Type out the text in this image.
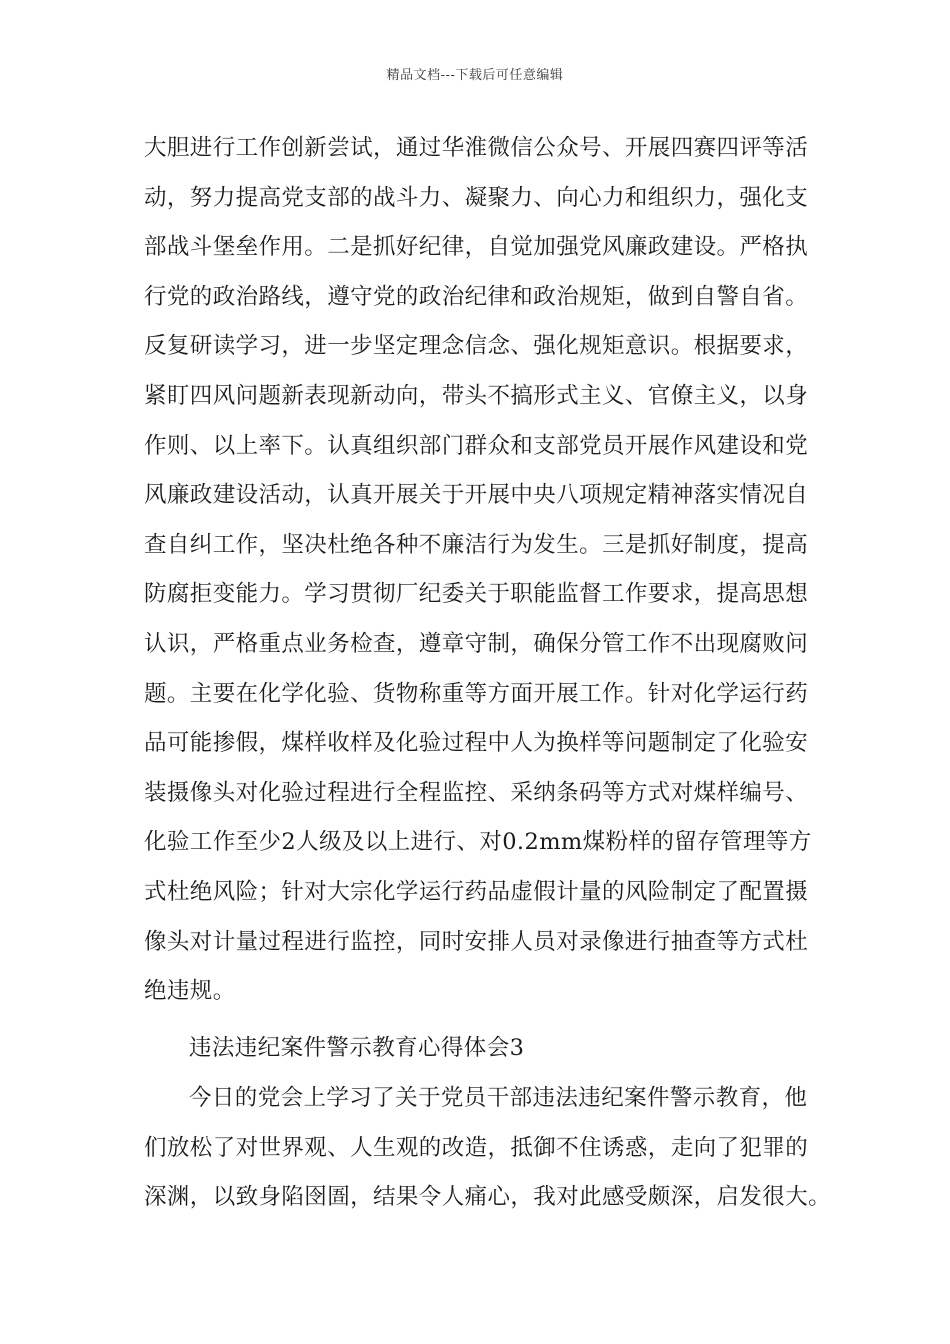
精品文档---下载后可任意编辑
大胆进行工作创新尝试，通过华淮微信公众号、开展四赛四评等活
动，努力提高党支部的战斗力、凝聚力、向心力和组织力，强化支
部战斗堡垒作用。二是抓好纪律，自觉加强党风廉政建设。严格执
行党的政治路线，遵守党的政治纪律和政治规矩，做到自警自省。
反复研读学习，进一步坚定理念信念、强化规矩意识。根据要求，
紧盯四风问题新表现新动向，带头不搞形式主义、官僚主义，以身
作则、以上率下。认真组织部门群众和支部党员开展作风建设和党
风廉政建设活动，认真开展关于开展中央八项规定精神落实情况自
查自纠工作，坚决杜绝各种不廉洁行为发生。三是抓好制度，提高
防腐拒变能力。学习贯彻厂纪委关于职能监督工作要求，提高思想
认识，严格重点业务检查，遵章守制，确保分管工作不出现腐败问
题。主要在化学化验、货物称重等方面开展工作。针对化学运行药
品可能掺假，煤样收样及化验过程中人为换样等问题制定了化验安
装摄像头对化验过程进行全程监控、采纳条码等方式对煤样编号、
化验工作至少2人级及以上进行、对0.2mm煤粉样的留存管理等方
式杜绝风险；针对大宗化学运行药品虚假计量的风险制定了配置摄
像头对计量过程进行监控，同时安排人员对录像进行抽查等方式杜
绝违规。
违法违纪案件警示教育心得体会3
今日的党会上学习了关于党员干部违法违纪案件警示教育，他
们放松了对世界观、人生观的改造，抵御不住诱惑，走向了犯罪的
深渊，以致身陷囹圄，结果令人痛心，我对此感受颇深，启发很大。
